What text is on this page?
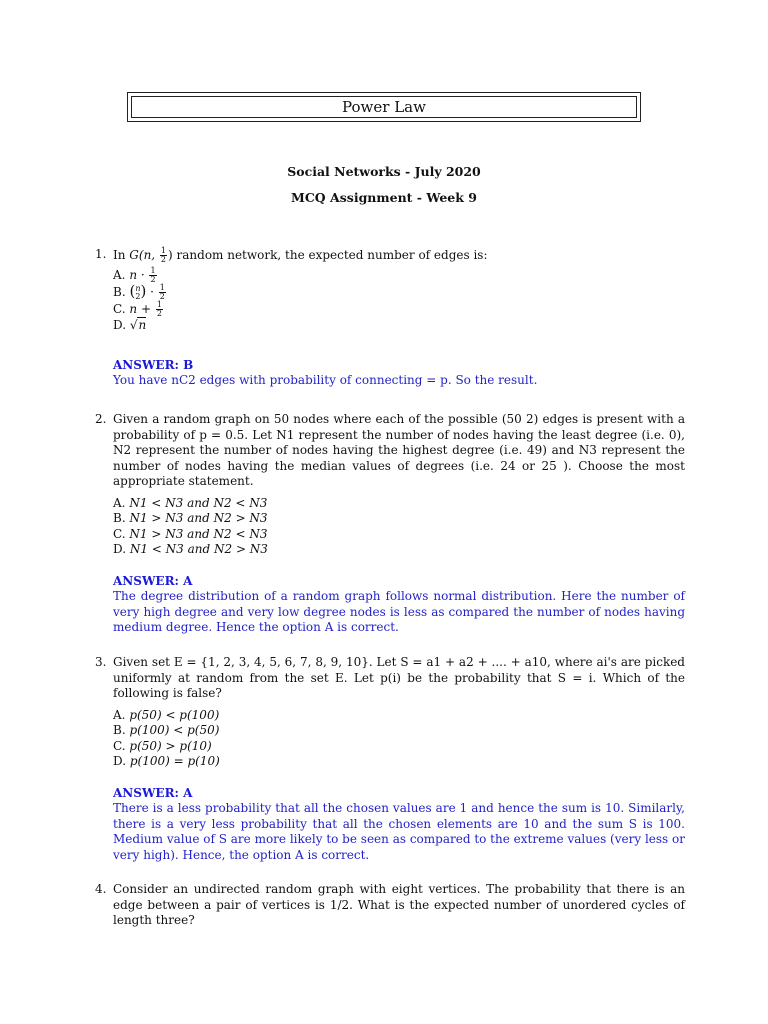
Power Law
Social Networks - July 2020
MCQ Assignment - Week 9
1. In G(n, $\frac{1}{2}$ ) random network, the expected number of edges is:
A. $n \cdot \frac{1}{2}$
B. ( n
2 ) · $\frac{1}{2}$
C. $n + \frac{1}{2}$
D. √n
ANSWER: B
You have nC2 edges with probability of connecting = p. So the result.
2. Given a random graph on 50 nodes where each of the possible (50 2) edges is present with a probability of p = 0.5. Let N1 represent the number of nodes having the least degree (i.e. 0), N2 represent the number of nodes having the highest degree (i.e. 49) and N3 represent the number of nodes having the median values of degrees (i.e. 24 or 25 ). Choose the most appropriate statement.
A. N1 < N3 and N2 < N3
B. N1 > N3 and N2 > N3
C. N1 > N3 and N2 < N3
D. N1 < N3 and N2 > N3
ANSWER: A
The degree distribution of a random graph follows normal distribution. Here the number of very high degree and very low degree nodes is less as compared the number of nodes having medium degree. Hence the option A is correct.
3. Given set E = {1, 2, 3, 4, 5, 6, 7, 8, 9, 10}. Let S = a1 + a2 + .... + a10, where ai's are picked uniformly at random from the set E. Let p(i) be the probability that S = i. Which of the following is false?
A. p(50) < p(100)
B. p(100) < p(50)
C. p(50) > p(10)
D. p(100) = p(10)
ANSWER: A
There is a less probability that all the chosen values are 1 and hence the sum is 10. Similarly, there is a very less probability that all the chosen elements are 10 and the sum S is 100. Medium value of S are more likely to be seen as compared to the extreme values (very less or very high). Hence, the option A is correct.
4. Consider an undirected random graph with eight vertices. The probability that there is an edge between a pair of vertices is 1/2. What is the expected number of unordered cycles of length three?
